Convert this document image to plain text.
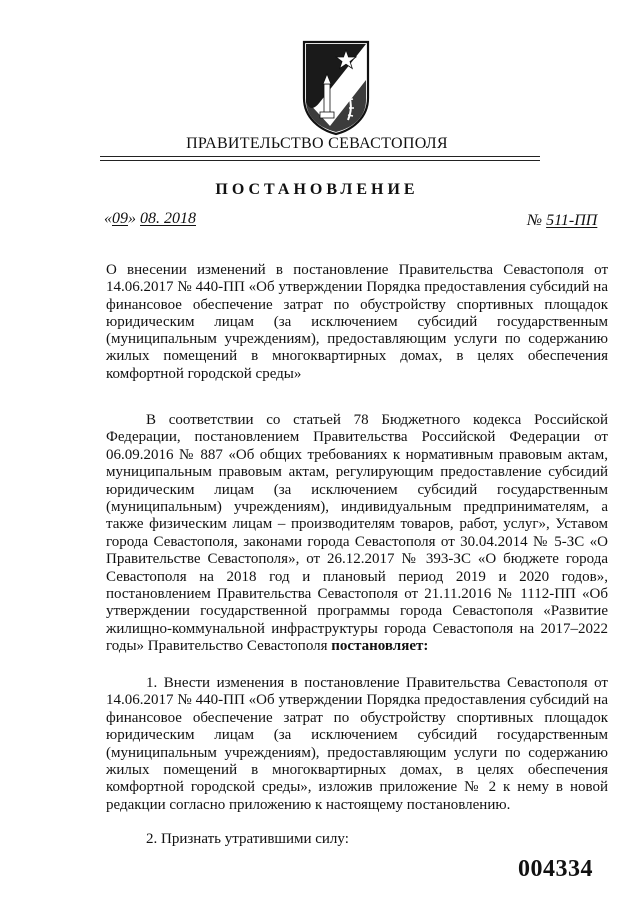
ПРАВИТЕЛЬСТВО СЕВАСТОПОЛЯ
ПОСТАНОВЛЕНИЕ
«09» 08. 2018	№ 511-ПП
О внесении изменений в постановление Правительства Севастополя от 14.06.2017 № 440-ПП «Об утверждении Порядка предоставления субсидий на финансовое обеспечение затрат по обустройству спортивных площадок юридическим лицам (за исключением субсидий государственным (муниципальным учреждениям), предоставляющим услуги по содержанию жилых помещений в многоквартирных домах, в целях обеспечения комфортной городской среды»
В соответствии со статьей 78 Бюджетного кодекса Российской Федерации, постановлением Правительства Российской Федерации от 06.09.2016 № 887 «Об общих требованиях к нормативным правовым актам, муниципальным правовым актам, регулирующим предоставление субсидий юридическим лицам (за исключением субсидий государственным (муниципальным) учреждениям), индивидуальным предпринимателям, а также физическим лицам – производителям товаров, работ, услуг», Уставом города Севастополя, законами города Севастополя от 30.04.2014 № 5-ЗС «О Правительстве Севастополя», от 26.12.2017 № 393-ЗС «О бюджете города Севастополя на 2018 год и плановый период 2019 и 2020 годов», постановлением Правительства Севастополя от 21.11.2016 № 1112-ПП «Об утверждении государственной программы города Севастополя «Развитие жилищно-коммунальной инфраструктуры города Севастополя на 2017–2022 годы» Правительство Севастополя постановляет:
1. Внести изменения в постановление Правительства Севастополя от 14.06.2017 № 440-ПП «Об утверждении Порядка предоставления субсидий на финансовое обеспечение затрат по обустройству спортивных площадок юридическим лицам (за исключением субсидий государственным (муниципальным учреждениям), предоставляющим услуги по содержанию жилых помещений в многоквартирных домах, в целях обеспечения комфортной городской среды», изложив приложение № 2 к нему в новой редакции согласно приложению к настоящему постановлению.
2. Признать утратившими силу:
004334
